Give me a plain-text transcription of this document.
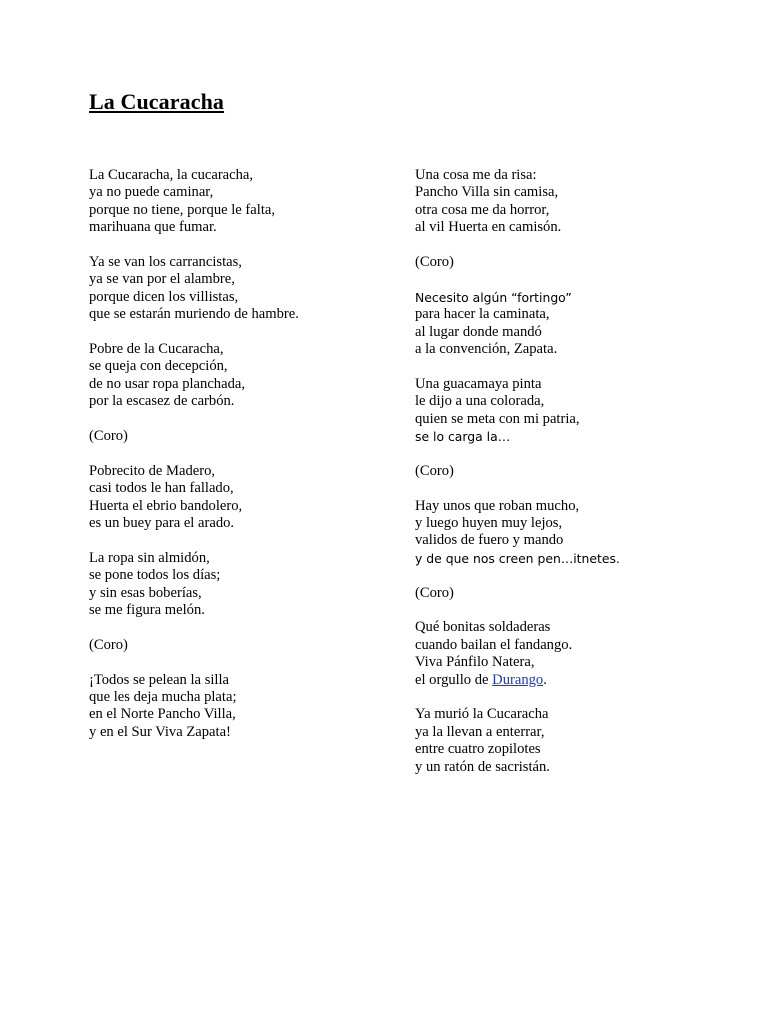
La Cucaracha
La Cucaracha, la cucaracha,
ya no puede caminar,
porque no tiene, porque le falta,
marihuana que fumar.
Ya se van los carrancistas,
ya se van por el alambre,
porque dicen los villistas,
que se estarán muriendo de hambre.
Pobre de la Cucaracha,
se queja con decepción,
de no usar ropa planchada,
por la escasez de carbón.
(Coro)
Pobrecito de Madero,
casi todos le han fallado,
Huerta el ebrio bandolero,
es un buey para el arado.
La ropa sin almidón,
se pone todos los días;
y sin esas boberías,
se me figura melón.
(Coro)
¡Todos se pelean la silla
que les deja mucha plata;
en el Norte Pancho Villa,
y en el Sur Viva Zapata!
Una cosa me da risa:
Pancho Villa sin camisa,
otra cosa me da horror,
al vil Huerta en camisón.
(Coro)
Necesito algún “fortingo”
para hacer la caminata,
al lugar donde mandó
a la convención, Zapata.
Una guacamaya pinta
le dijo a una colorada,
quien se meta con mi patria,
se lo carga la…
(Coro)
Hay unos que roban mucho,
y luego huyen muy lejos,
validos de fuero y mando
y de que nos creen pen…itnetes.
(Coro)
Qué bonitas soldaderas
cuando bailan el fandango.
Viva Pánfilo Natera,
el orgullo de Durango.
Ya murió la Cucaracha
ya la llevan a enterrar,
entre cuatro zopilotes
y un ratón de sacristán.
